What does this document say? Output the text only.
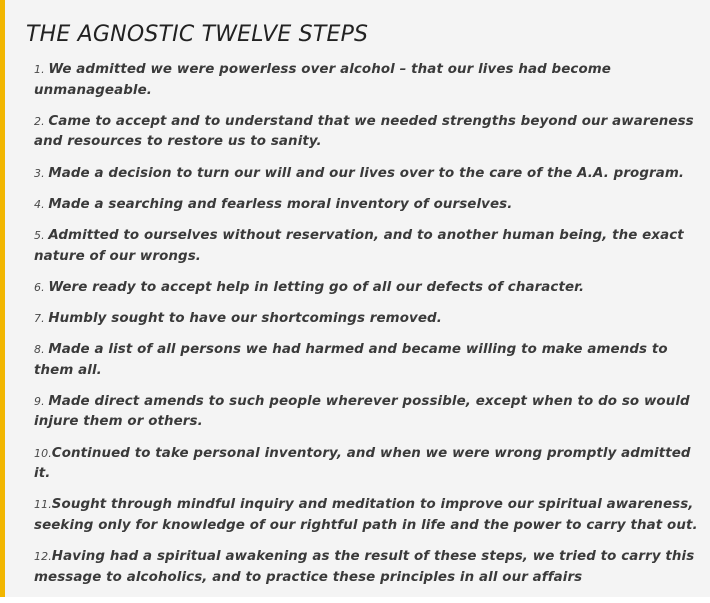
THE AGNOSTIC TWELVE STEPS
1. We admitted we were powerless over alcohol – that our lives had become unmanageable.
2. Came to accept and to understand that we needed strengths beyond our awareness and resources to restore us to sanity.
3. Made a decision to turn our will and our lives over to the care of the A.A. program.
4. Made a searching and fearless moral inventory of ourselves.
5. Admitted to ourselves without reservation, and to another human being, the exact nature of our wrongs.
6. Were ready to accept help in letting go of all our defects of character.
7. Humbly sought to have our shortcomings removed.
8. Made a list of all persons we had harmed and became willing to make amends to them all.
9. Made direct amends to such people wherever possible, except when to do so would injure them or others.
10.Continued to take personal inventory, and when we were wrong promptly admitted it.
11.Sought through mindful inquiry and meditation to improve our spiritual awareness, seeking only for knowledge of our rightful path in life and the power to carry that out.
12.Having had a spiritual awakening as the result of these steps, we tried to carry this message to alcoholics, and to practice these principles in all our affairs
